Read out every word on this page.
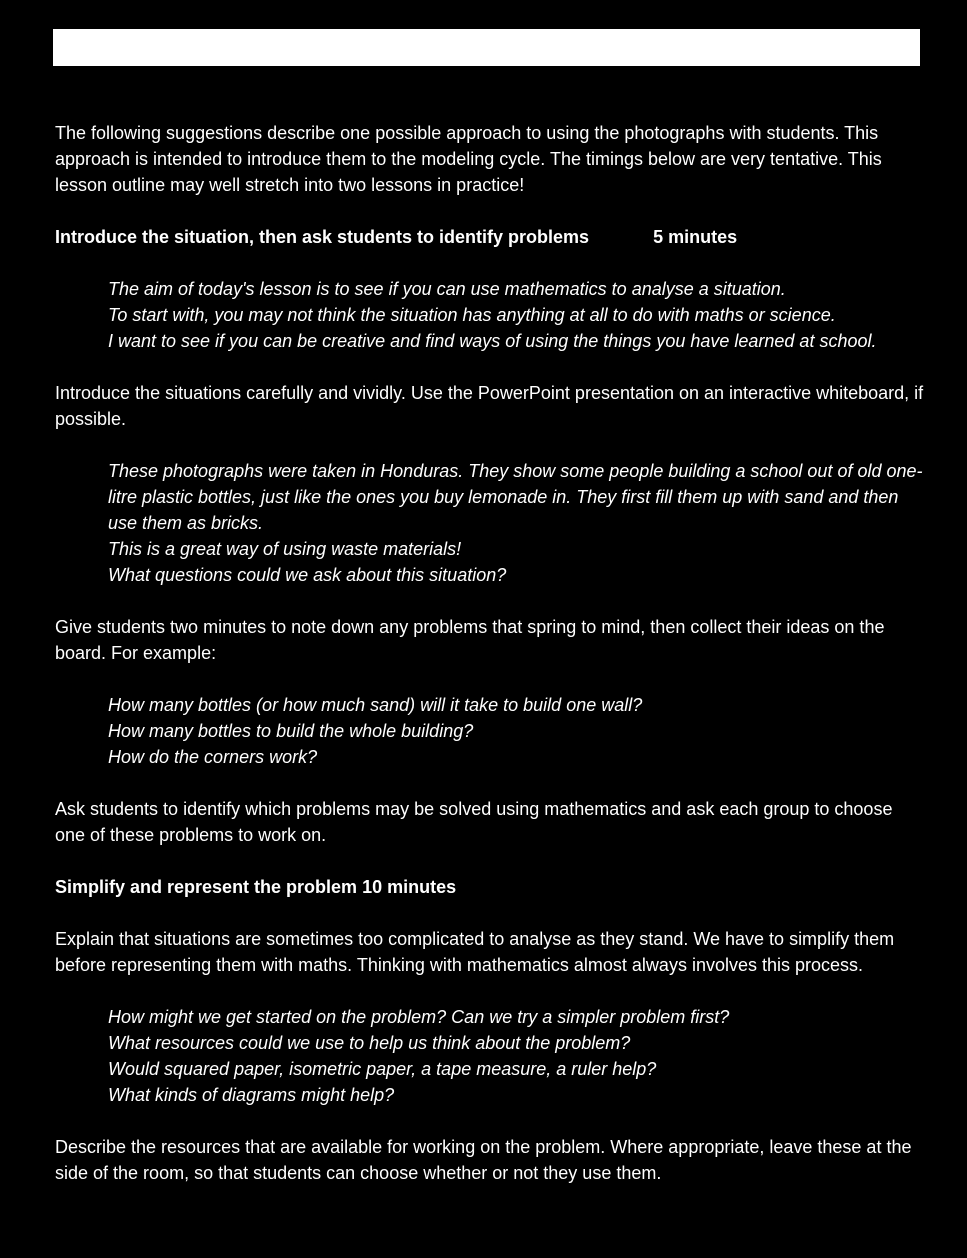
The following suggestions describe one possible approach to using the photographs with students. This approach is intended to introduce them to the modeling cycle. The timings below are very tentative. This lesson outline may well stretch into two lessons in practice!

Introduce the situation, then ask students to identify problems	5 minutes
The aim of today's lesson is to see if you can use mathematics to analyse a situation.
To start with, you may not think the situation has anything at all to do with maths or science.
I want to see if you can be creative and find ways of using the things you have learned at school.

Introduce the situations carefully and vividly. Use the PowerPoint presentation on an interactive whiteboard, if possible.

These photographs were taken in Honduras. They show some people building a school out of old one-litre plastic bottles, just like the ones you buy lemonade in. They first fill them up with sand and then use them as bricks.
This is a great way of using waste materials!
What questions could we ask about this situation?

Give students two minutes to note down any problems that spring to mind, then collect their ideas on the board. For example:

How many bottles (or how much sand) will it take to build one wall?
How many bottles to build the whole building?
How do the corners work?

Ask students to identify which problems may be solved using mathematics and ask each group to choose one of these problems to work on.

Simplify and represent the problem 10 minutes

Explain that situations are sometimes too complicated to analyse as they stand. We have to simplify them before representing them with maths. Thinking with mathematics almost always involves this process.

How might we get started on the problem? Can we try a simpler problem first?
What resources could we use to help us think about the problem?
Would squared paper, isometric paper, a tape measure, a ruler help?
What kinds of diagrams might help?

Describe the resources that are available for working on the problem. Where appropriate, leave these at the side of the room, so that students can choose whether or not they use them.
